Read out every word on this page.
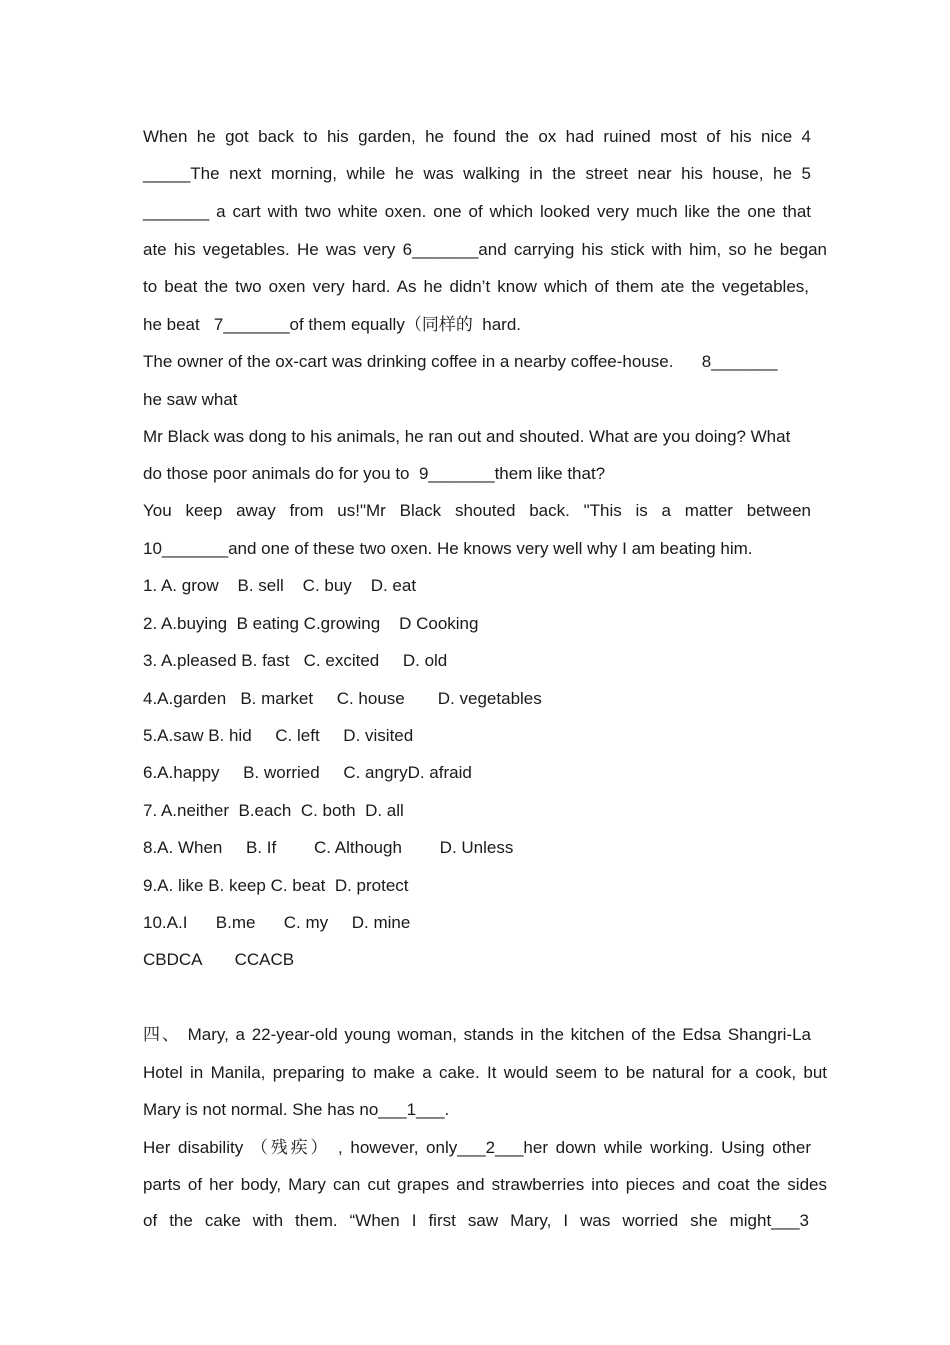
When he got back to his garden, he found the ox had ruined most of his nice 4
_____The next morning, while he was walking in the street near his house, he 5
_______ a cart with two white oxen. one of which looked very much like the one that
ate his vegetables. He was very 6_______and carrying his stick with him, so he began
to beat the two oxen very hard. As he didn’t know which of them ate the vegetables,
he beat   7_______of them equally（同样的  hard.
The owner of the ox-cart was drinking coffee in a nearby coffee-house.      8_______
he saw what
Mr Black was dong to his animals, he ran out and shouted. What are you doing? What
do those poor animals do for you to  9_______them like that?
You keep away from us!"Mr Black shouted back. "This is a matter between
10_______and one of these two oxen. He knows very well why I am beating him.
1. A. grow    B. sell    C. buy    D. eat
2. A.buying  B eating C.growing    D Cooking
3. A.pleased B. fast   C. excited     D. old
4.A.garden   B. market     C. house       D. vegetables
5.A.saw B. hid     C. left     D. visited
6.A.happy     B. worried     C. angryD. afraid
7. A.neither  B.each  C. both  D. all
8.A. When     B. If        C. Although        D. Unless
9.A. like B. keep C. beat  D. protect
10.A.I      B.me      C. my     D. mine
CBDCA       CCACB
四、 Mary, a 22-year-old young woman, stands in the kitchen of the Edsa Shangri-La
Hotel in Manila, preparing to make a cake. It would seem to be natural for a cook, but
Mary is not normal. She has no___1___.
Her disability （残疾） , however, only___2___her down while working. Using other
parts of her body, Mary can cut grapes and strawberries into pieces and coat the sides
of the cake with them. “When I first saw Mary, I was worried she might___3
